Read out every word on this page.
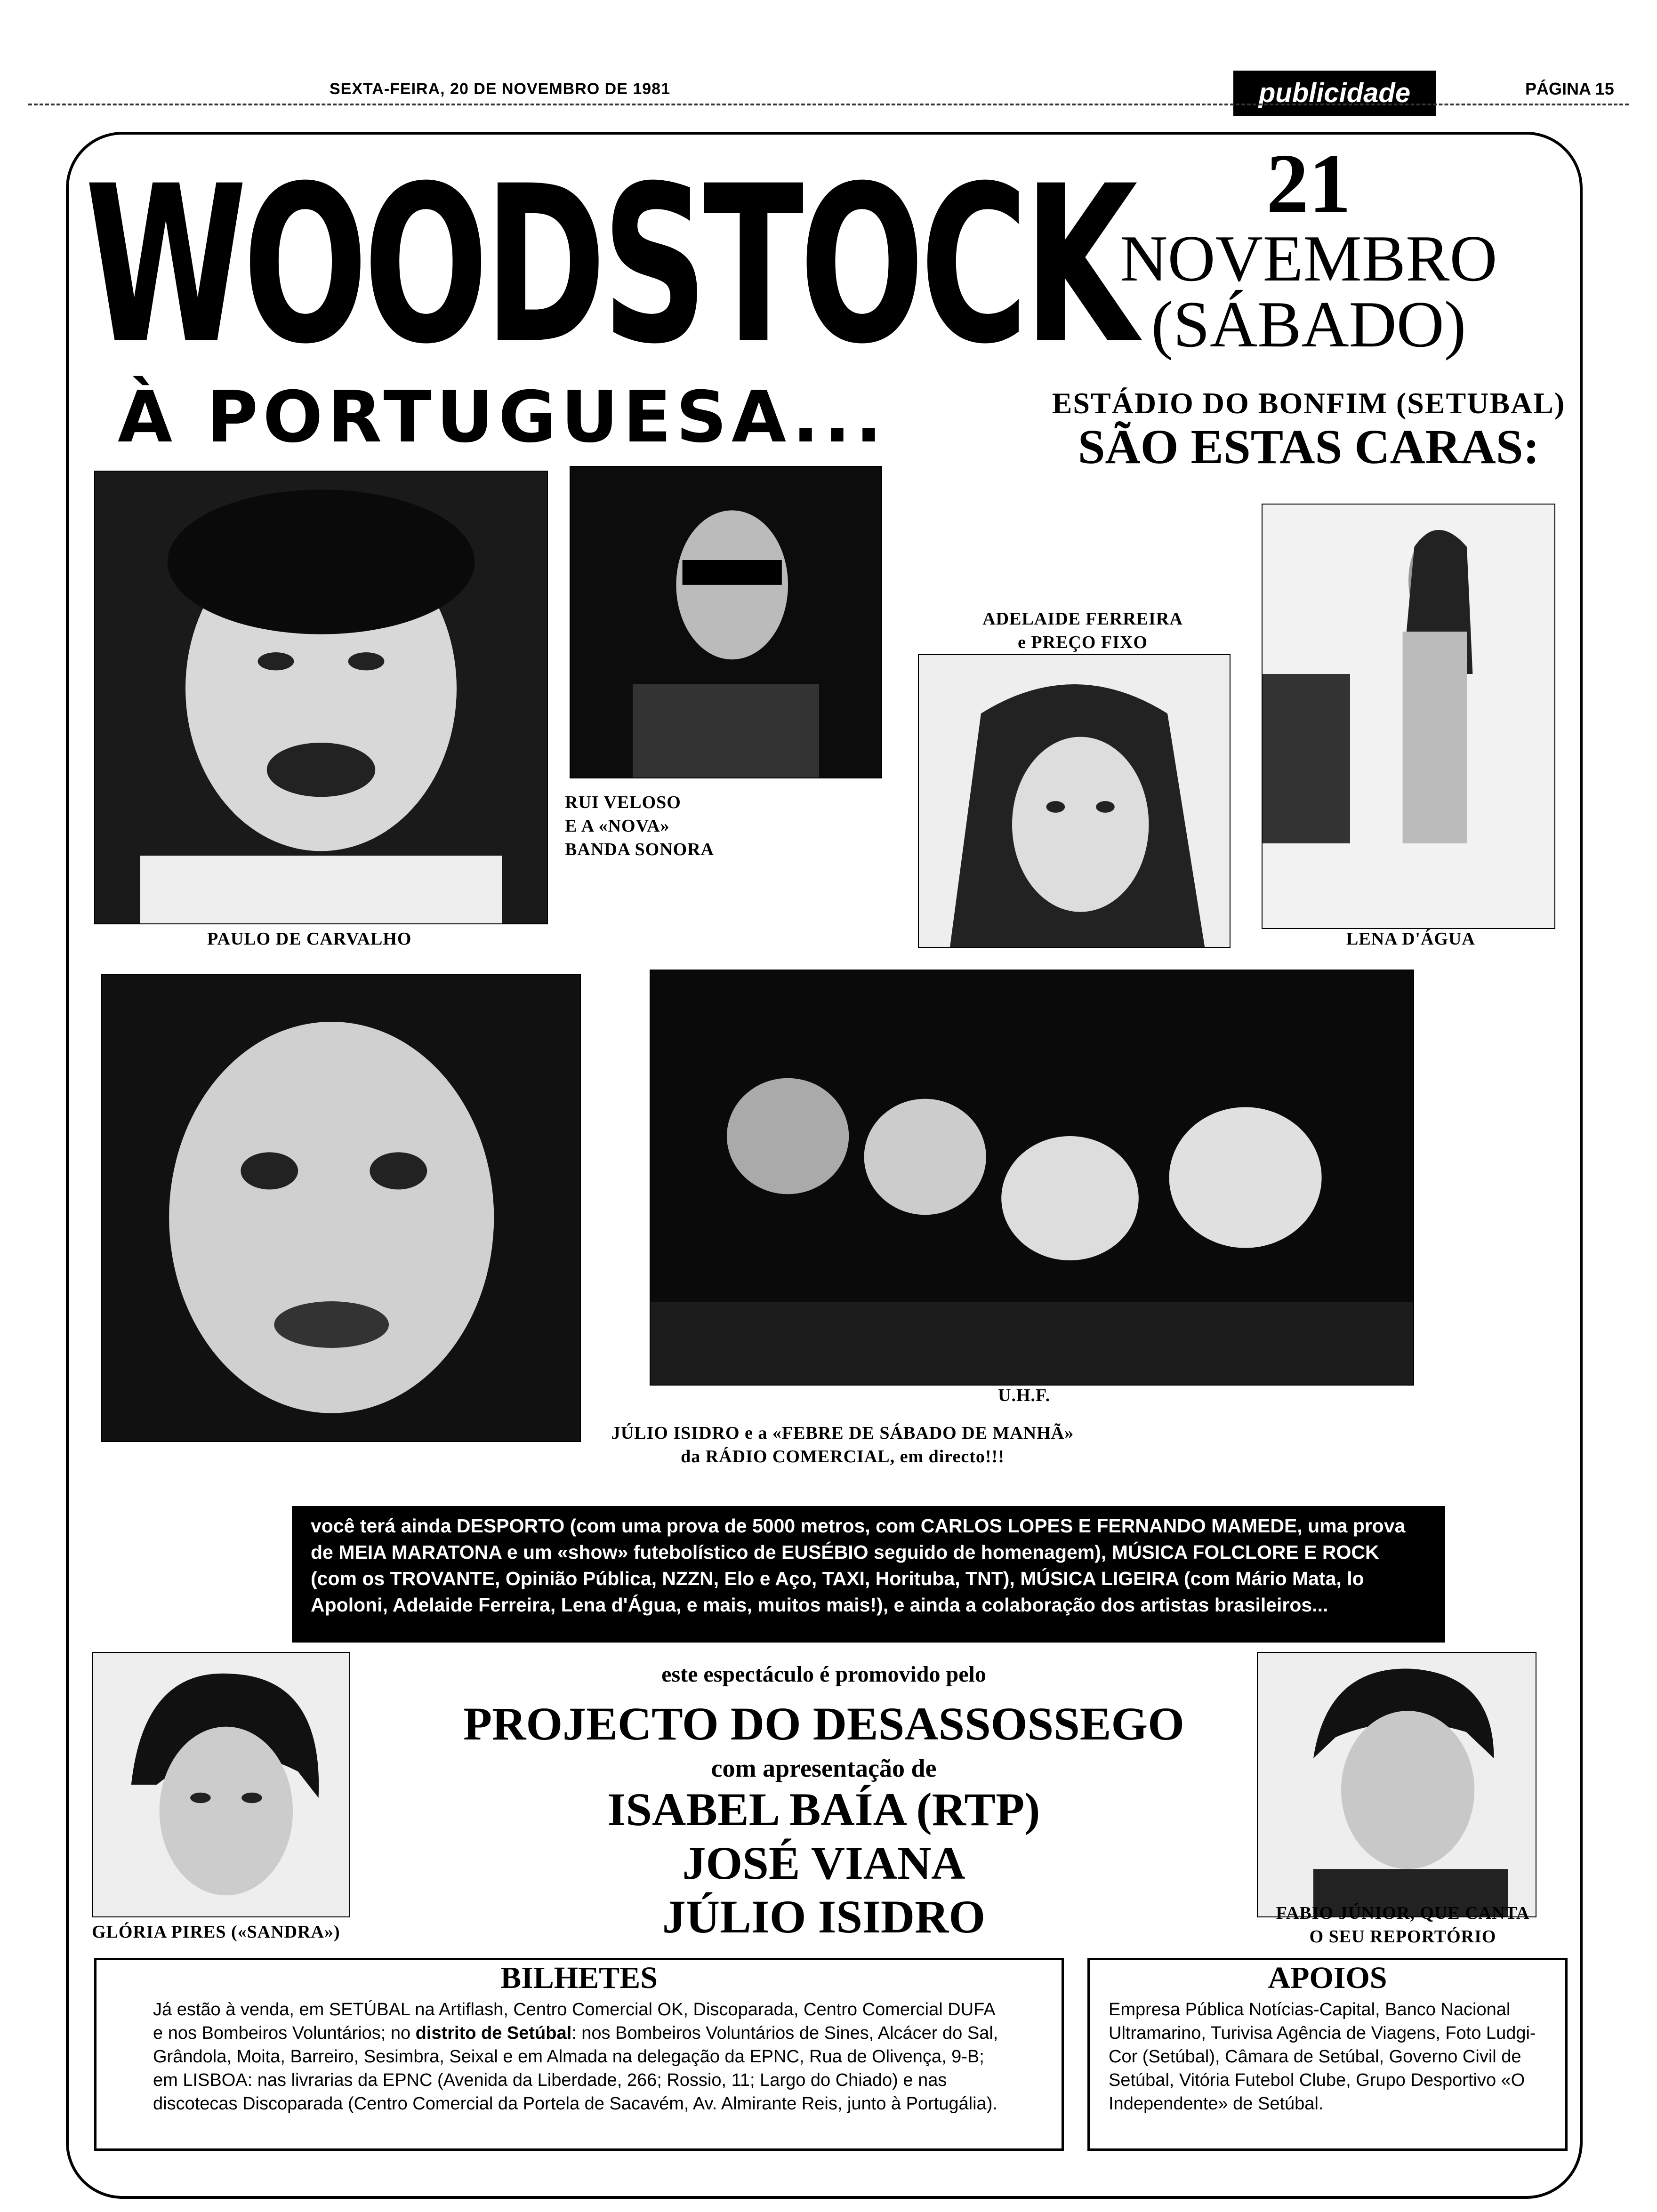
SEXTA-FEIRA, 20 DE NOVEMBRO DE 1981	publicidade	PÁGINA 15
WOODSTOCK
À PORTUGUESA...
21
NOVEMBRO
(SÁBADO)
ESTÁDIO DO BONFIM (SETUBAL)
SÃO ESTAS CARAS:
PAULO DE CARVALHO
RUI VELOSO
E A «NOVA»
BANDA SONORA
ADELAIDE FERREIRA
e PREÇO FIXO
LENA D'ÁGUA
U.H.F.
JÚLIO ISIDRO e a «FEBRE DE SÁBADO DE MANHÃ»
da RÁDIO COMERCIAL, em directo!!!
você terá ainda DESPORTO (com uma prova de 5000 metros, com CARLOS LOPES E FERNANDO MAMEDE, uma prova de MEIA MARATONA e um «show» futebolístico de EUSÉBIO seguido de homenagem), MÚSICA FOLCLORE E ROCK (com os TROVANTE, Opinião Pública, NZZN, Elo e Aço, TAXI, Horituba, TNT), MÚSICA LIGEIRA (com Mário Mata, lo Apoloni, Adelaide Ferreira, Lena d'Água, e mais, muitos mais!), e ainda a colaboração dos artistas brasileiros...
GLÓRIA PIRES («SANDRA»)
FABIO JÚNIOR, QUE CANTA
O SEU REPORTÓRIO
este espectáculo é promovido pelo
PROJECTO DO DESASSOSSEGO
com apresentação de
ISABEL BAÍA (RTP)
JOSÉ VIANA
JÚLIO ISIDRO
BILHETES
Já estão à venda, em SETÚBAL na Artiflash, Centro Comercial OK, Discoparada, Centro Comercial DUFA e nos Bombeiros Voluntários; no distrito de Setúbal: nos Bombeiros Voluntários de Sines, Alcácer do Sal, Grândola, Moita, Barreiro, Sesimbra, Seixal e em Almada na delegação da EPNC, Rua de Olivença, 9-B; em LISBOA: nas livrarias da EPNC (Avenida da Liberdade, 266; Rossio, 11; Largo do Chiado) e nas discotecas Discoparada (Centro Comercial da Portela de Sacavém, Av. Almirante Reis, junto à Portugália).
APOIOS
Empresa Pública Notícias-Capital, Banco Nacional Ultramarino, Turivisa Agência de Viagens, Foto Ludgi-Cor (Setúbal), Câmara de Setúbal, Governo Civil de Setúbal, Vitória Futebol Clube, Grupo Desportivo «O Independente» de Setúbal.
